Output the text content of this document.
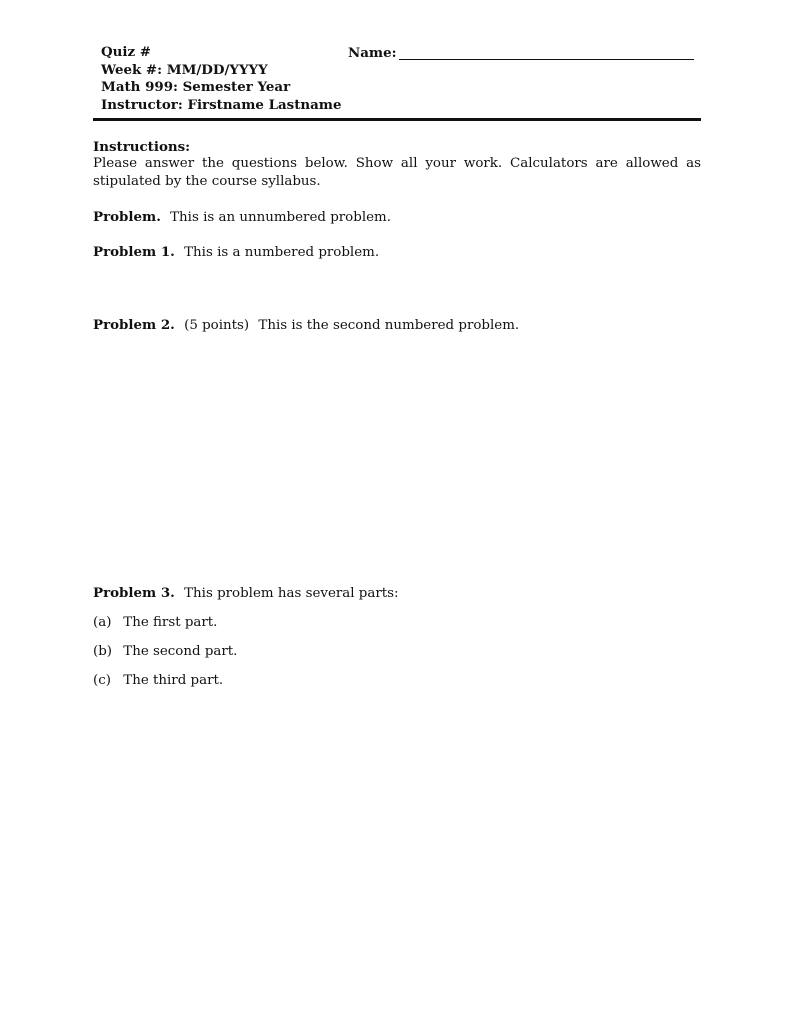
Quiz #
Week #: MM/DD/YYYY
Math 999: Semester Year
Instructor: Firstname Lastname
Name:
Instructions:
Please answer the questions below. Show all your work. Calculators are allowed as stipulated by the course syllabus.
Problem. This is an unnumbered problem.
Problem 1. This is a numbered problem.
Problem 2. (5 points) This is the second numbered problem.
Problem 3. This problem has several parts:
(a) The first part.
(b) The second part.
(c) The third part.
